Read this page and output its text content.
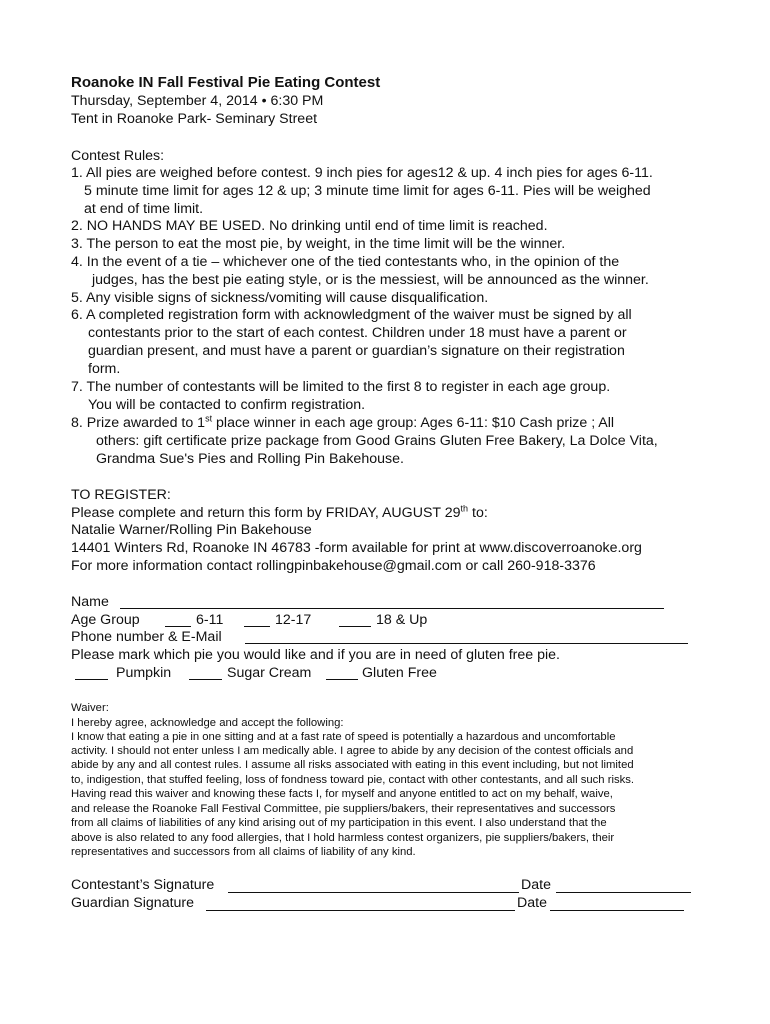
Roanoke IN Fall Festival Pie Eating Contest
Thursday, September 4, 2014 • 6:30 PM
Tent in Roanoke Park- Seminary Street
Contest Rules:
1. All pies are weighed before contest. 9 inch pies for ages12 & up. 4 inch pies for ages 6-11.
5 minute time limit for ages 12 & up; 3 minute time limit for ages 6-11. Pies will be weighed
at end of time limit.
2. NO HANDS MAY BE USED. No drinking until end of time limit is reached.
3. The person to eat the most pie, by weight, in the time limit will be the winner.
4. In the event of a tie – whichever one of the tied contestants who, in the opinion of the
judges, has the best pie eating style, or is the messiest, will be announced as the winner.
5. Any visible signs of sickness/vomiting will cause disqualification.
6. A completed registration form with acknowledgment of the waiver must be signed by all
contestants prior to the start of each contest. Children under 18 must have a parent or
guardian present, and must have a parent or guardian’s signature on their registration
form.
7. The number of contestants will be limited to the first 8 to register in each age group.
You will be contacted to confirm registration.
8. Prize awarded to 1st place winner in each age group: Ages 6-11: $10 Cash prize ; All
others: gift certificate prize package from Good Grains Gluten Free Bakery, La Dolce Vita,
Grandma Sue's Pies and Rolling Pin Bakehouse.
TO REGISTER:
Please complete and return this form by FRIDAY, AUGUST 29th to:
Natalie Warner/Rolling Pin Bakehouse
14401 Winters Rd, Roanoke IN 46783 -form available for print at www.discoverroanoke.org
For more information contact rollingpinbakehouse@gmail.com or call 260-918-3376
Name
Age Group	6-11	12-17	18 & Up
Phone number & E-Mail
Please mark which pie you would like and if you are in need of gluten free pie.
Pumpkin	Sugar Cream	Gluten Free
Waiver:
I hereby agree, acknowledge and accept the following:
I know that eating a pie in one sitting and at a fast rate of speed is potentially a hazardous and uncomfortable
activity. I should not enter unless I am medically able. I agree to abide by any decision of the contest officials and
abide by any and all contest rules. I assume all risks associated with eating in this event including, but not limited
to, indigestion, that stuffed feeling, loss of fondness toward pie, contact with other contestants, and all such risks.
Having read this waiver and knowing these facts I, for myself and anyone entitled to act on my behalf, waive,
and release the Roanoke Fall Festival Committee, pie suppliers/bakers, their representatives and successors
from all claims of liabilities of any kind arising out of my participation in this event. I also understand that the
above is also related to any food allergies, that I hold harmless contest organizers, pie suppliers/bakers, their
representatives and successors from all claims of liability of any kind.
Contestant’s Signature	Date
Guardian Signature	Date
